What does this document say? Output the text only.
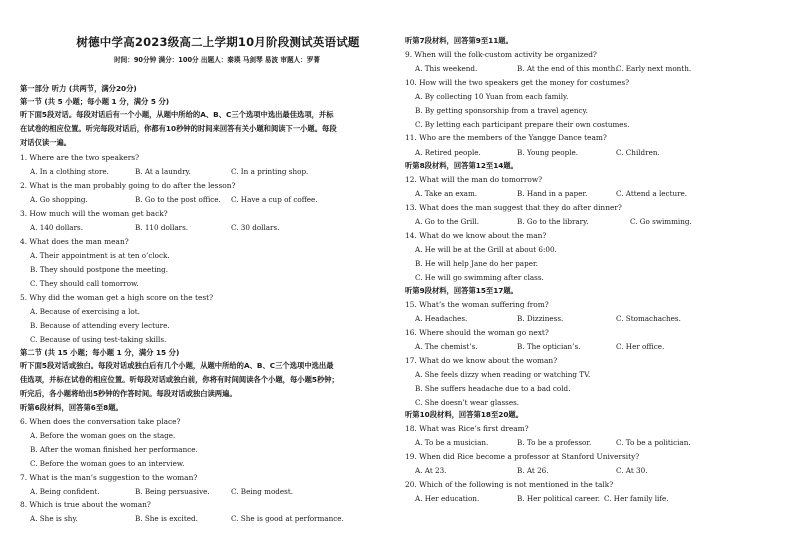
树德中学高2023级高二上学期10月阶段测试英语试题
时间：90分钟 满分：100分 出题人：秦瑛 马剑琴 易波 审题人：罗菁
第一部分 听力 (共两节，满分20分)
第一节 (共 5 小题；每小题 1 分，满分 5 分)
听下面5段对话。每段对话后有一个小题，从题中所给的A、B、C三个选项中选出最佳选项，并标
在试卷的相应位置。听完每段对话后，你都有10秒钟的时间来回答有关小题和阅读下一小题。每段
对话仅读一遍。
1. Where are the two speakers?
A. In a clothing store.	B. At a laundry.	C. In a printing shop.
2. What is the man probably going to do after the lesson?
A. Go shopping.	B. Go to the post office. C. Have a cup of coffee.
3. How much will the woman get back?
A. 140 dollars.	B. 110 dollars.	C. 30 dollars.
4. What does the man mean?
A. Their appointment is at ten o’clock.
B. They should postpone the meeting.
C. They should call tomorrow.
5. Why did the woman get a high score on the test?
A. Because of exercising a lot.
B. Because of attending every lecture.
C. Because of using test-taking skills.
第二节 (共 15 小题；每小题 1 分，满分 15 分)
听下面5段对话或独白。每段对话或独白后有几个小题，从题中所给的A、B、C三个选项中选出最
佳选项，并标在试卷的相应位置。听每段对话或独白前，你将有时间阅读各个小题，每小题5秒钟；
听完后，各小题将给出5秒钟的作答时间。每段对话或独白读两遍。
听第6段材料，回答第6至8题。
6. When does the conversation take place?
A. Before the woman goes on the stage.
B. After the woman finished her performance.
C. Before the woman goes to an interview.
7. What is the man’s suggestion to the woman?
A. Being confident.	B. Being persuasive.	C. Being modest.
8. Which is true about the woman?
A. She is shy.	B. She is excited.	C. She is good at performance.
听第7段材料，回答第9至11题。
9. When will the folk-custom activity be organized?
A. This weekend.	B. At the end of this month.
C. Early next month.
10. How will the two speakers get the money for costumes?
A. By collecting 10 Yuan from each family.
B. By getting sponsorship from a travel agency.
C. By letting each participant prepare their own costumes.
11. Who are the members of the Yangge Dance team?
A. Retired people.	B. Young people.	C. Children.
听第8段材料，回答第12至14题。
12. What will the man do tomorrow?
A. Take an exam.	B. Hand in a paper.	C. Attend a lecture.
13. What does the man suggest that they do after dinner?
A. Go to the Grill.	B. Go to the library.	C. Go swimming.
14. What do we know about the man?
A. He will be at the Grill at about 6:00.
B. He will help Jane do her paper.
C. He will go swimming after class.
听第9段材料，回答第15至17题。
15. What’s the woman suffering from?
A. Headaches.	B. Dizziness.	C. Stomachaches.
16. Where should the woman go next?
A. The chemist’s.	B. The optician’s.	C. Her office.
17. What do we know about the woman?
A. She feels dizzy when reading or watching TV.
B. She suffers headache due to a bad cold.
C. She doesn’t wear glasses.
听第10段材料，回答第18至20题。
18. What was Rice’s first dream?
A. To be a musician.	B. To be a professor.	C. To be a politician.
19. When did Rice become a professor at Stanford University?
A. At 23.	B. At 26.	C. At 30.
20. Which of the following is not mentioned in the talk?
A. Her education.	B. Her political career. C. Her family life.
